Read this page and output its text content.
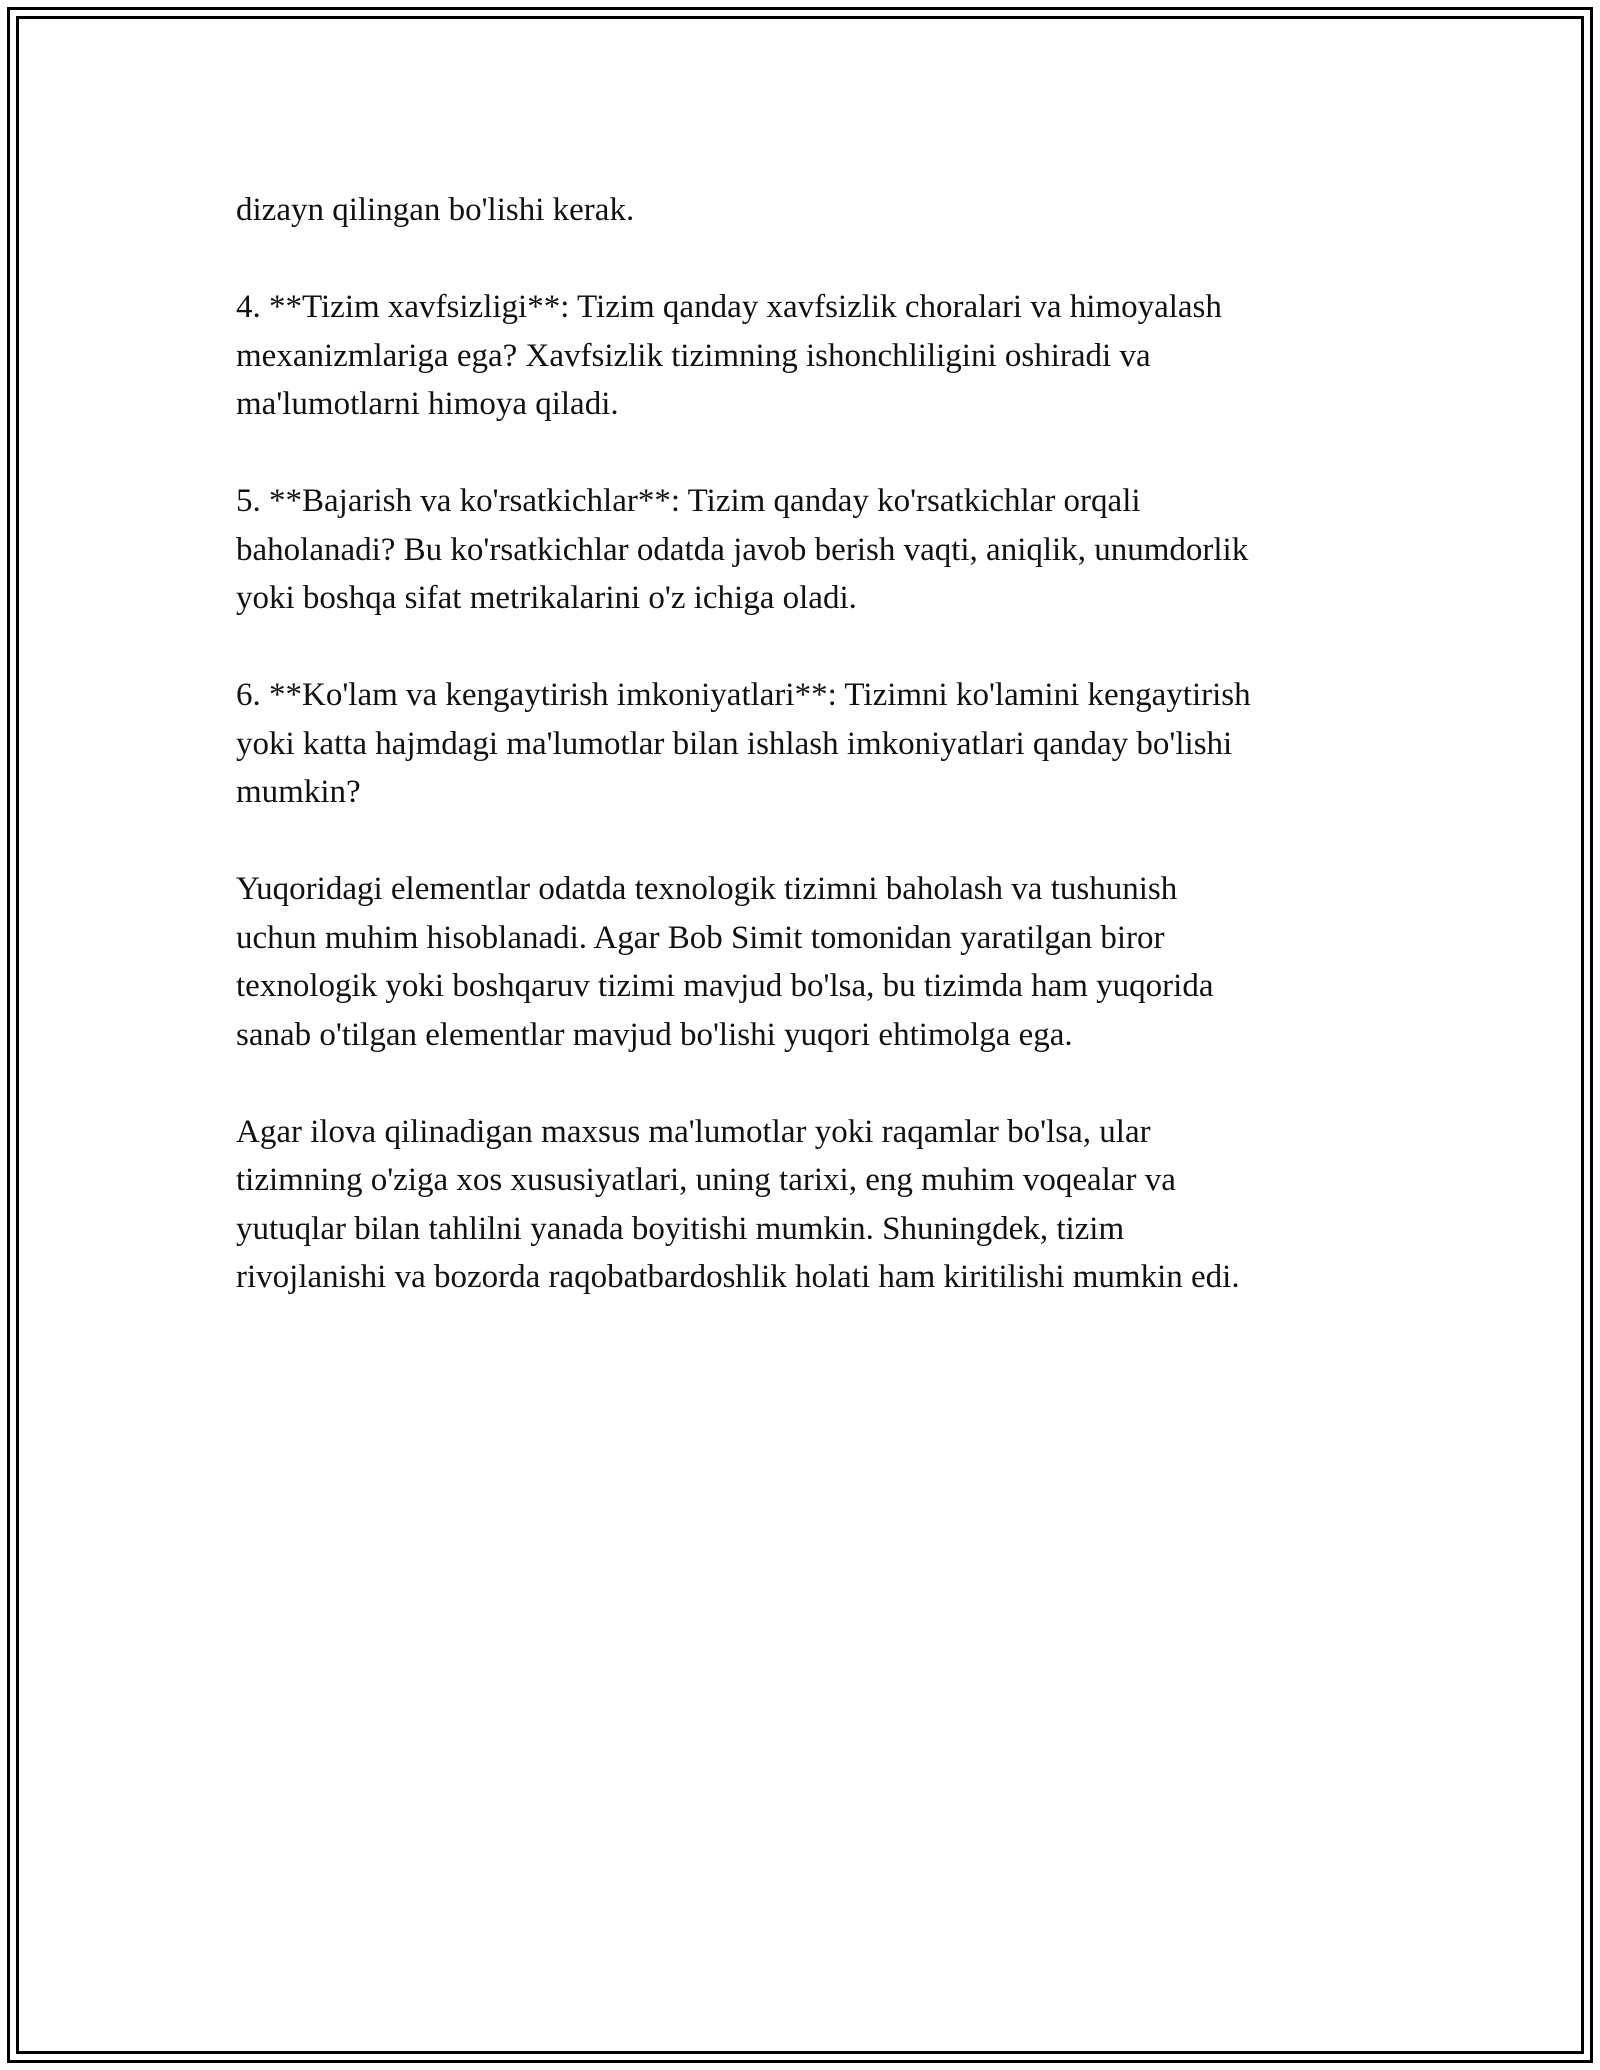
dizayn qilingan bo'lishi kerak.

4. **Tizim xavfsizligi**: Tizim qanday xavfsizlik choralari va himoyalash
mexanizmlariga ega? Xavfsizlik tizimning ishonchliligini oshiradi va
ma'lumotlarni himoya qiladi.

5. **Bajarish va ko'rsatkichlar**: Tizim qanday ko'rsatkichlar orqali
baholanadi? Bu ko'rsatkichlar odatda javob berish vaqti, aniqlik, unumdorlik
yoki boshqa sifat metrikalarini o'z ichiga oladi.

6. **Ko'lam va kengaytirish imkoniyatlari**: Tizimni ko'lamini kengaytirish
yoki katta hajmdagi ma'lumotlar bilan ishlash imkoniyatlari qanday bo'lishi
mumkin?

Yuqoridagi elementlar odatda texnologik tizimni baholash va tushunish
uchun muhim hisoblanadi. Agar Bob Simit tomonidan yaratilgan biror
texnologik yoki boshqaruv tizimi mavjud bo'lsa, bu tizimda ham yuqorida
sanab o'tilgan elementlar mavjud bo'lishi yuqori ehtimolga ega.

Agar ilova qilinadigan maxsus ma'lumotlar yoki raqamlar bo'lsa, ular
tizimning o'ziga xos xususiyatlari, uning tarixi, eng muhim voqealar va
yutuqlar bilan tahlilni yanada boyitishi mumkin. Shuningdek, tizim
rivojlanishi va bozorda raqobatbardoshlik holati ham kiritilishi mumkin edi.
